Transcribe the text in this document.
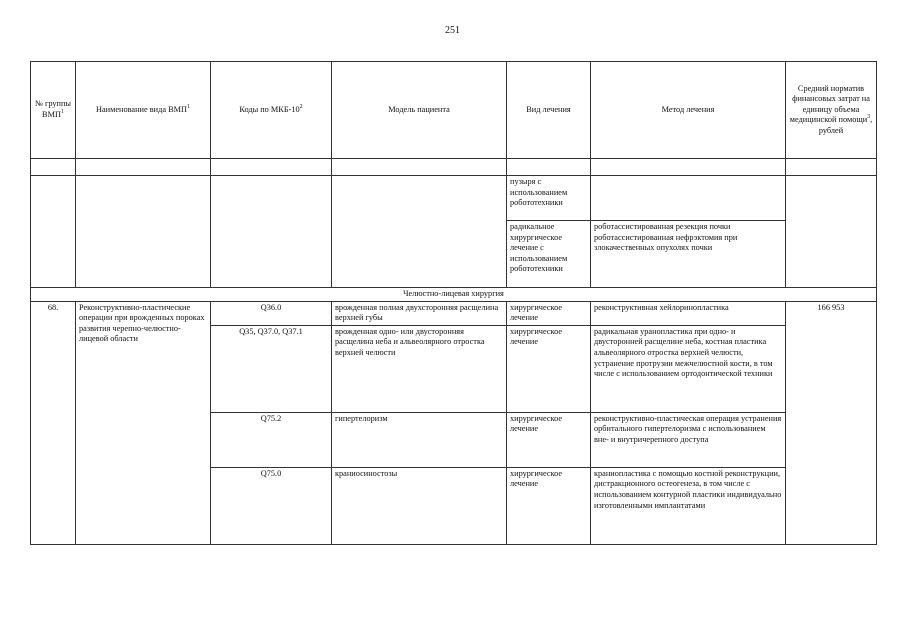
251
№ группы ВМП$^1$	Наименование вида ВМП$^1$	Коды по МКБ-$10^2$	Модель пациента	Вид лечения	Метод лечения	Средний норматив финансовых затрат на единицу объема медицинской помощи$^3$, рублей

				пузыря с использованием робототехники		
				радикальное хирургическое лечение с использованием робототехники	роботассистированная резекция почки роботассистированная нефрэктомия при злокачественных опухолях почки	
Челюстно-лицевая хирургия						
68.	Реконструктивно-пластические операции при врожденных пороках развития черепно-челюстно-лицевой области	Q36.0	врожденная полная двухсторонняя расщелина верхней губы	хирургическое лечение	реконструктивная хейлоринопластика	166 953
		Q35, Q37.0, Q37.1	врожденная одно- или двусторонняя расщелина неба и альвеолярного отростка верхней челюсти	хирургическое лечение	радикальная уранопластика при одно- и двусторонней расщелине неба, костная пластика альвеолярного отростка верхней челюсти, устранение протрузии межчелюстной кости, в том числе с использованием ортодонтической техники	
		Q75.2	гипертелоризм	хирургическое лечение	реконструктивно-пластическая операция устранения орбитального гипертелоризма с использованием вне- и внутричерепного доступа	
		Q75.0	краниосиностозы	хирургическое лечение	краниопластика с помощью костной реконструкции, дистракционного остеогенеза, в том числе с использованием контурной пластики индивидуально изготовленными имплантатами	
